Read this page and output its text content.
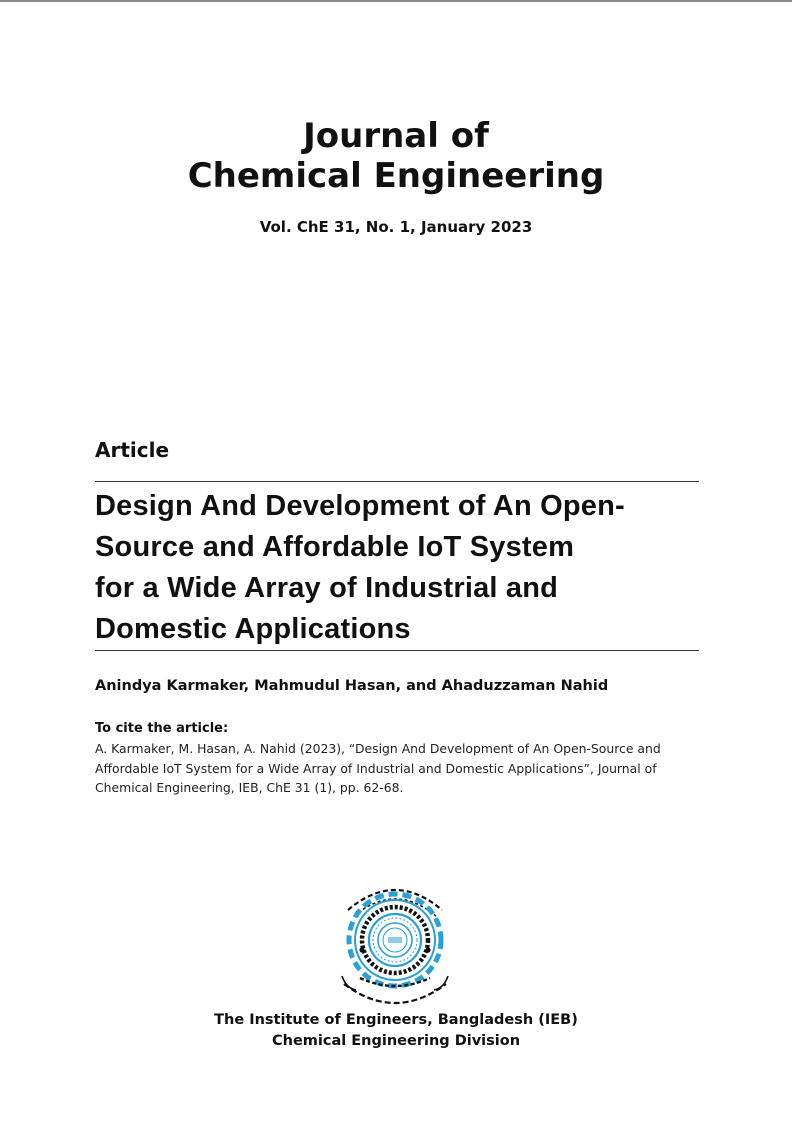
Journal of
Chemical Engineering
Vol. ChE 31, No. 1, January 2023
Article
Design And Development of An Open-
Source and Affordable IoT System
for a Wide Array of Industrial and
Domestic Applications
Anindya Karmaker, Mahmudul Hasan, and Ahaduzzaman Nahid
To cite the article:
A. Karmaker, M. Hasan, A. Nahid (2023), “Design And Development of An Open-Source and
Affordable IoT System for a Wide Array of Industrial and Domestic Applications”, Journal of
Chemical Engineering, IEB, ChE 31 (1), pp. 62-68.
The Institute of Engineers, Bangladesh (IEB)
Chemical Engineering Division
